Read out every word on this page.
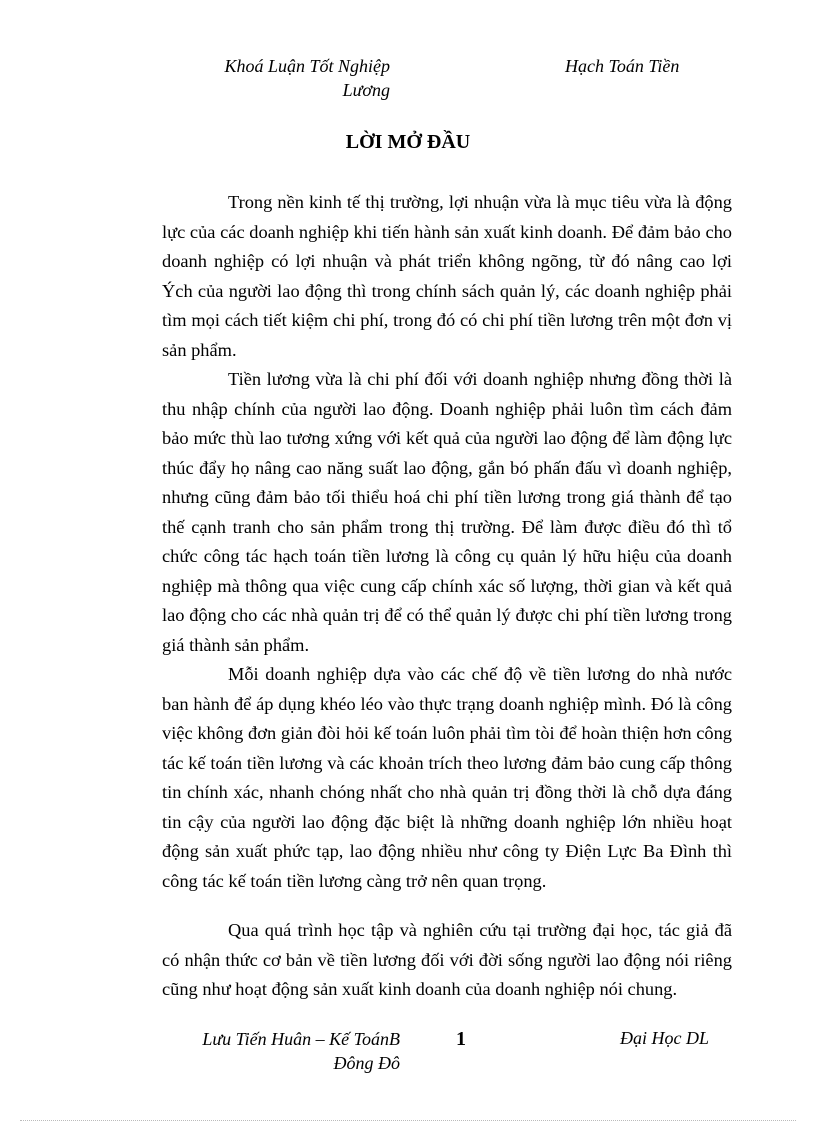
Khoá Luận Tốt Nghiệp
Lương
Hạch Toán Tiền
LỜI MỞ ĐẦU

Trong nền kinh tế thị trường, lợi nhuận vừa là mục tiêu vừa là động lực của các doanh nghiệp khi tiến hành sản xuất kinh doanh. Để đảm bảo cho doanh nghiệp có lợi nhuận và phát triển không ngõng, từ đó nâng cao lợi Ých của người lao động thì trong chính sách quản lý, các doanh nghiệp phải tìm mọi cách tiết kiệm chi phí, trong đó có chi phí tiền lương trên một đơn vị sản phẩm.

Tiền lương vừa là chi phí đối với doanh nghiệp nhưng đồng thời là thu nhập chính của người lao động. Doanh nghiệp phải luôn tìm cách đảm bảo mức thù lao tương xứng với kết quả của người lao động để làm động lực thúc đẩy họ nâng cao năng suất lao động, gắn bó phấn đấu vì doanh nghiệp, nhưng cũng đảm bảo tối thiểu hoá chi phí tiền lương trong giá thành để tạo thế cạnh tranh cho sản phẩm trong thị trường. Để làm được điều đó thì tổ chức công tác hạch toán tiền lương là công cụ quản lý hữu hiệu của doanh nghiệp mà thông qua việc cung cấp chính xác số lượng, thời gian và kết quả lao động cho các nhà quản trị để có thể quản lý được chi phí tiền lương trong giá thành sản phẩm.

Mỗi doanh nghiệp dựa vào các chế độ về tiền lương do nhà nước ban hành để áp dụng khéo léo vào thực trạng doanh nghiệp mình. Đó là công việc không đơn giản đòi hỏi kế toán luôn phải tìm tòi để hoàn thiện hơn công tác kế toán tiền lương và các khoản trích theo lương đảm bảo cung cấp thông tin chính xác, nhanh chóng nhất cho nhà quản trị đồng thời là chỗ dựa đáng tin cậy của người lao động đặc biệt là những doanh nghiệp lớn nhiều hoạt động sản xuất phức tạp, lao động nhiều như công ty Điện Lực Ba Đình thì công tác kế toán tiền lương càng trở nên quan trọng.

Qua quá trình học tập và nghiên cứu tại trường đại học, tác giả đã có nhận thức cơ bản về tiền lương đối với đời sống người lao động nói riêng cũng như hoạt động sản xuất kinh doanh của doanh nghiệp nói chung.

Lưu Tiến Huân – Kế ToánB
Đông Đô
1	Đại Học DL
